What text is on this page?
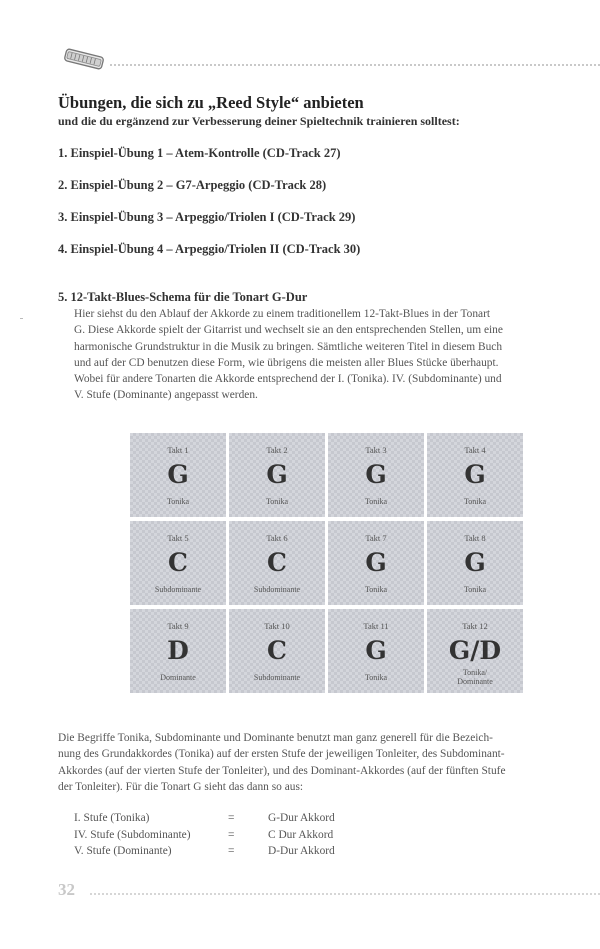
Übungen, die sich zu „Reed Style“ anbieten
und die du ergänzend zur Verbesserung deiner Spieltechnik trainieren solltest:
1. Einspiel-Übung 1 – Atem-Kontrolle (CD-Track 27)
2. Einspiel-Übung 2 – G7-Arpeggio (CD-Track 28)
3. Einspiel-Übung 3 – Arpeggio/Triolen I (CD-Track 29)
4. Einspiel-Übung 4 – Arpeggio/Triolen II (CD-Track 30)
5. 12-Takt-Blues-Schema für die Tonart G-Dur
Hier siehst du den Ablauf der Akkorde zu einem traditionellem 12-Takt-Blues in der Tonart
G. Diese Akkorde spielt der Gitarrist und wechselt sie an den entsprechenden Stellen, um eine
harmonische Grundstruktur in die Musik zu bringen. Sämtliche weiteren Titel in diesem Buch
und auf der CD benutzen diese Form, wie übrigens die meisten aller Blues Stücke überhaupt.
Wobei für andere Tonarten die Akkorde entsprechend der I. (Tonika). IV. (Subdominante) und
V. Stufe (Dominante) angepasst werden.
Takt 1
G
Tonika
Takt 2
G
Tonika
Takt 3
G
Tonika
Takt 4
G
Tonika
Takt 5
C
Subdominante
Takt 6
C
Subdominante
Takt 7
G
Tonika
Takt 8
G
Tonika
Takt 9
D
Dominante
Takt 10
C
Subdominante
Takt 11
G
Tonika
Takt 12
G/D
Tonika/
Dominante
Die Begriffe Tonika, Subdominante und Dominante benutzt man ganz generell für die Bezeich-
nung des Grundakkordes (Tonika) auf der ersten Stufe der jeweiligen Tonleiter, des Subdominant-
Akkordes (auf der vierten Stufe der Tonleiter), und des Dominant-Akkordes (auf der fünften Stufe
der Tonleiter). Für die Tonart G sieht das dann so aus:
I. Stufe (Tonika)	=	G-Dur Akkord
IV. Stufe (Subdominante)	=	C Dur Akkord
V. Stufe (Dominante)	=	D-Dur Akkord
32
